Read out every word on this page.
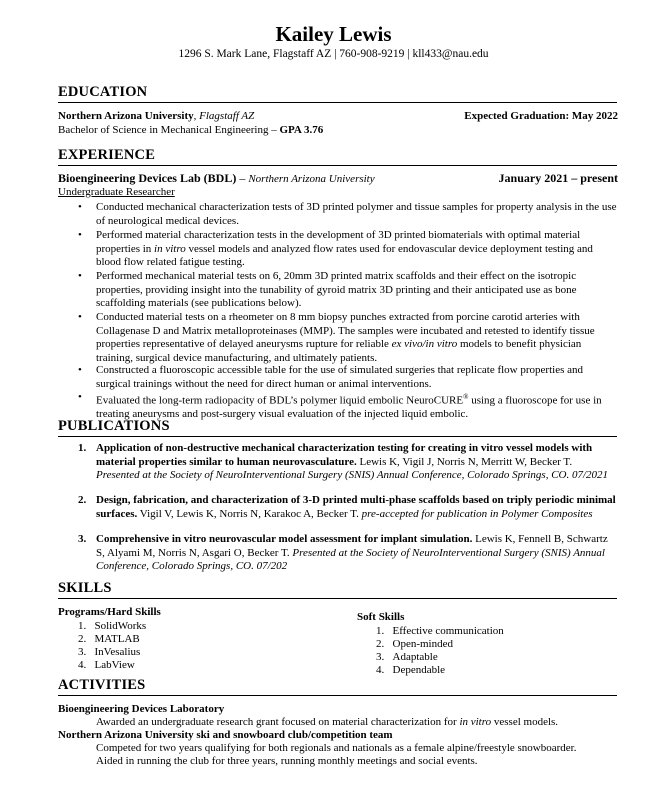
Kailey Lewis
1296 S. Mark Lane, Flagstaff AZ | 760-908-9219 | kll433@nau.edu
EDUCATION
Northern Arizona University, Flagstaff AZ	Expected Graduation: May 2022
Bachelor of Science in Mechanical Engineering – GPA 3.76
EXPERIENCE
Bioengineering Devices Lab (BDL) – Northern Arizona University	January 2021 – present
Undergraduate Researcher
• Conducted mechanical characterization tests of 3D printed polymer and tissue samples for property analysis in the use of neurological medical devices.
• Performed material characterization tests in the development of 3D printed biomaterials with optimal material properties in in vitro vessel models and analyzed flow rates used for endovascular device deployment testing and blood flow related fatigue testing.
• Performed mechanical material tests on 6, 20mm 3D printed matrix scaffolds and their effect on the isotropic properties, providing insight into the tunability of gyroid matrix 3D printing and their anticipated use as bone scaffolding materials (see publications below).
• Conducted material tests on a rheometer on 8 mm biopsy punches extracted from porcine carotid arteries with Collagenase D and Matrix metalloproteinases (MMP). The samples were incubated and retested to identify tissue properties representative of delayed aneurysms rupture for reliable ex vivo/in vitro models to benefit physician training, surgical device manufacturing, and ultimately patients.
• Constructed a fluoroscopic accessible table for the use of simulated surgeries that replicate flow properties and surgical trainings without the need for direct human or animal interventions.
• Evaluated the long-term radiopacity of BDL’s polymer liquid embolic NeuroCURE® using a fluoroscope for use in treating aneurysms and post-surgery visual evaluation of the injected liquid embolic.
PUBLICATIONS
1. Application of non-destructive mechanical characterization testing for creating in vitro vessel models with material properties similar to human neurovasculature. Lewis K, Vigil J, Norris N, Merritt W, Becker T. Presented at the Society of NeuroInterventional Surgery (SNIS) Annual Conference, Colorado Springs, CO. 07/2021
2. Design, fabrication, and characterization of 3-D printed multi-phase scaffolds based on triply periodic minimal surfaces. Vigil V, Lewis K, Norris N, Karakoc A, Becker T. pre-accepted for publication in Polymer Composites
3. Comprehensive in vitro neurovascular model assessment for implant simulation. Lewis K, Fennell B, Schwartz S, Alyami M, Norris N, Asgari O, Becker T. Presented at the Society of NeuroInterventional Surgery (SNIS) Annual Conference, Colorado Springs, CO. 07/202
SKILLS
Programs/Hard Skills
1. SolidWorks
2. MATLAB
3. InVesalius
4. LabView
Soft Skills
1. Effective communication
2. Open-minded
3. Adaptable
4. Dependable
ACTIVITIES
Bioengineering Devices Laboratory
Awarded an undergraduate research grant focused on material characterization for in vitro vessel models.
Northern Arizona University ski and snowboard club/competition team
Competed for two years qualifying for both regionals and nationals as a female alpine/freestyle snowboarder.
Aided in running the club for three years, running monthly meetings and social events.
